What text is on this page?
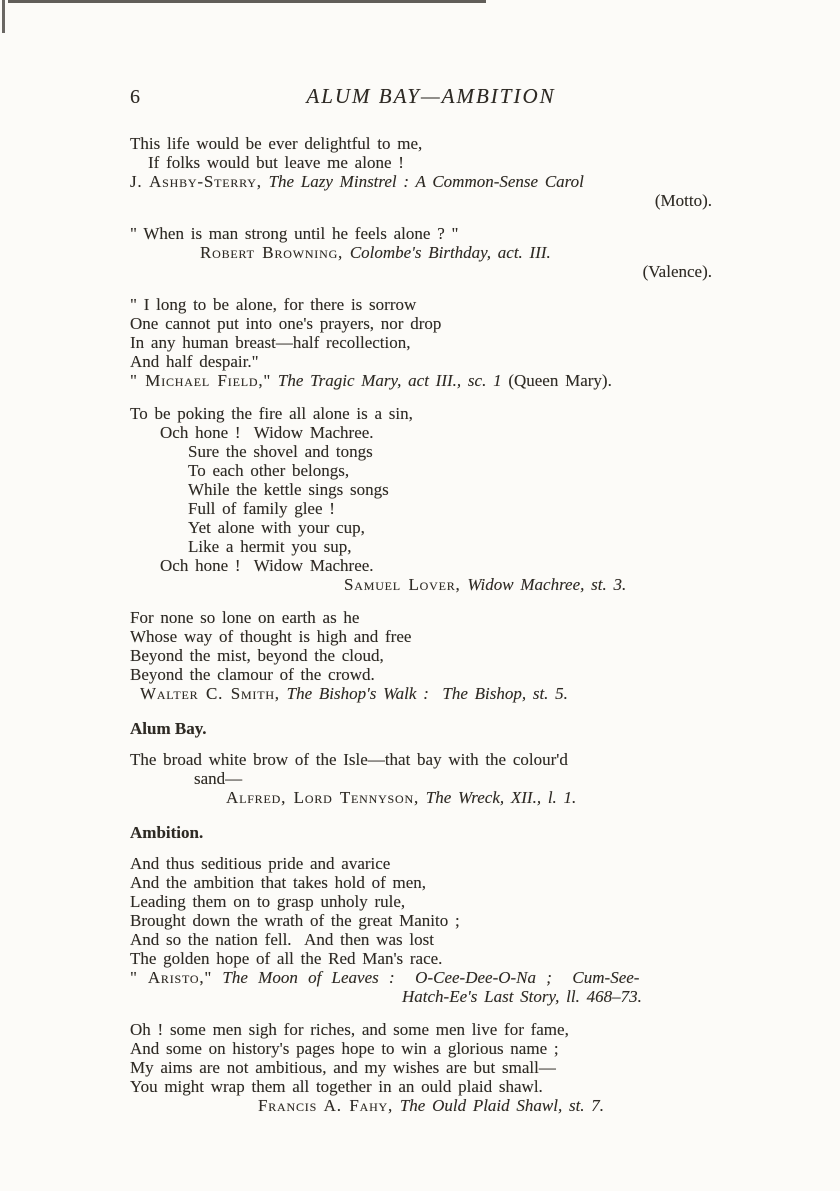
6	ALUM BAY—AMBITION

This life would be ever delightful to me,

If folks would but leave me alone !

J. Ashby-Sterry, The Lazy Minstrel : A Common-Sense Carol

(Motto).

" When is man strong until he feels alone ? "

Robert Browning, Colombe's Birthday, act. III.

(Valence).

" I long to be alone, for there is sorrow

One cannot put into one's prayers, nor drop

In any human breast—half recollection,

And half despair."

" Michael Field," The Tragic Mary, act III., sc. 1 (Queen Mary).

To be poking the fire all alone is a sin,

Och hone !  Widow Machree.

Sure the shovel and tongs

To each other belongs,

While the kettle sings songs

Full of family glee !

Yet alone with your cup,

Like a hermit you sup,

Och hone !  Widow Machree.

Samuel Lover, Widow Machree, st. 3.

For none so lone on earth as he

Whose way of thought is high and free

Beyond the mist, beyond the cloud,

Beyond the clamour of the crowd.

Walter C. Smith, The Bishop's Walk :  The Bishop, st. 5.

Alum Bay.

The broad white brow of the Isle—that bay with the colour'd

sand—

Alfred, Lord Tennyson, The Wreck, XII., l. 1.

Ambition.

And thus seditious pride and avarice

And the ambition that takes hold of men,

Leading them on to grasp unholy rule,

Brought down the wrath of the great Manito ;

And so the nation fell.  And then was lost

The golden hope of all the Red Man's race.

" Aristo," The Moon of Leaves :  O-Cee-Dee-O-Na ;  Cum-See-

Hatch-Ee's Last Story, ll. 468–73.

Oh ! some men sigh for riches, and some men live for fame,

And some on history's pages hope to win a glorious name ;

My aims are not ambitious, and my wishes are but small—

You might wrap them all together in an ould plaid shawl.

Francis A. Fahy, The Ould Plaid Shawl, st. 7.
